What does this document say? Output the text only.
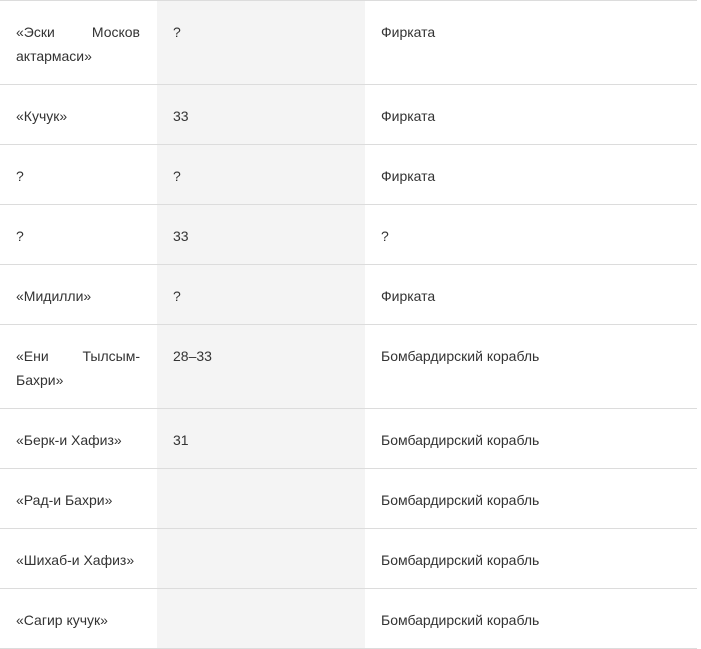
«Эски Москов актармаси»	?	Фирката
«Кучук»	33	Фирката
?	?	Фирката
?	33	?
«Мидилли»	?	Фирката
«Ени Тылсым-Бахри»	28–33	Бомбардирский корабль
«Берк-и Хафиз»	31	Бомбардирский корабль
«Рад-и Бахри»		Бомбардирский корабль
«Шихаб-и Хафиз»		Бомбардирский корабль
«Сагир кучук»		Бомбардирский корабль
